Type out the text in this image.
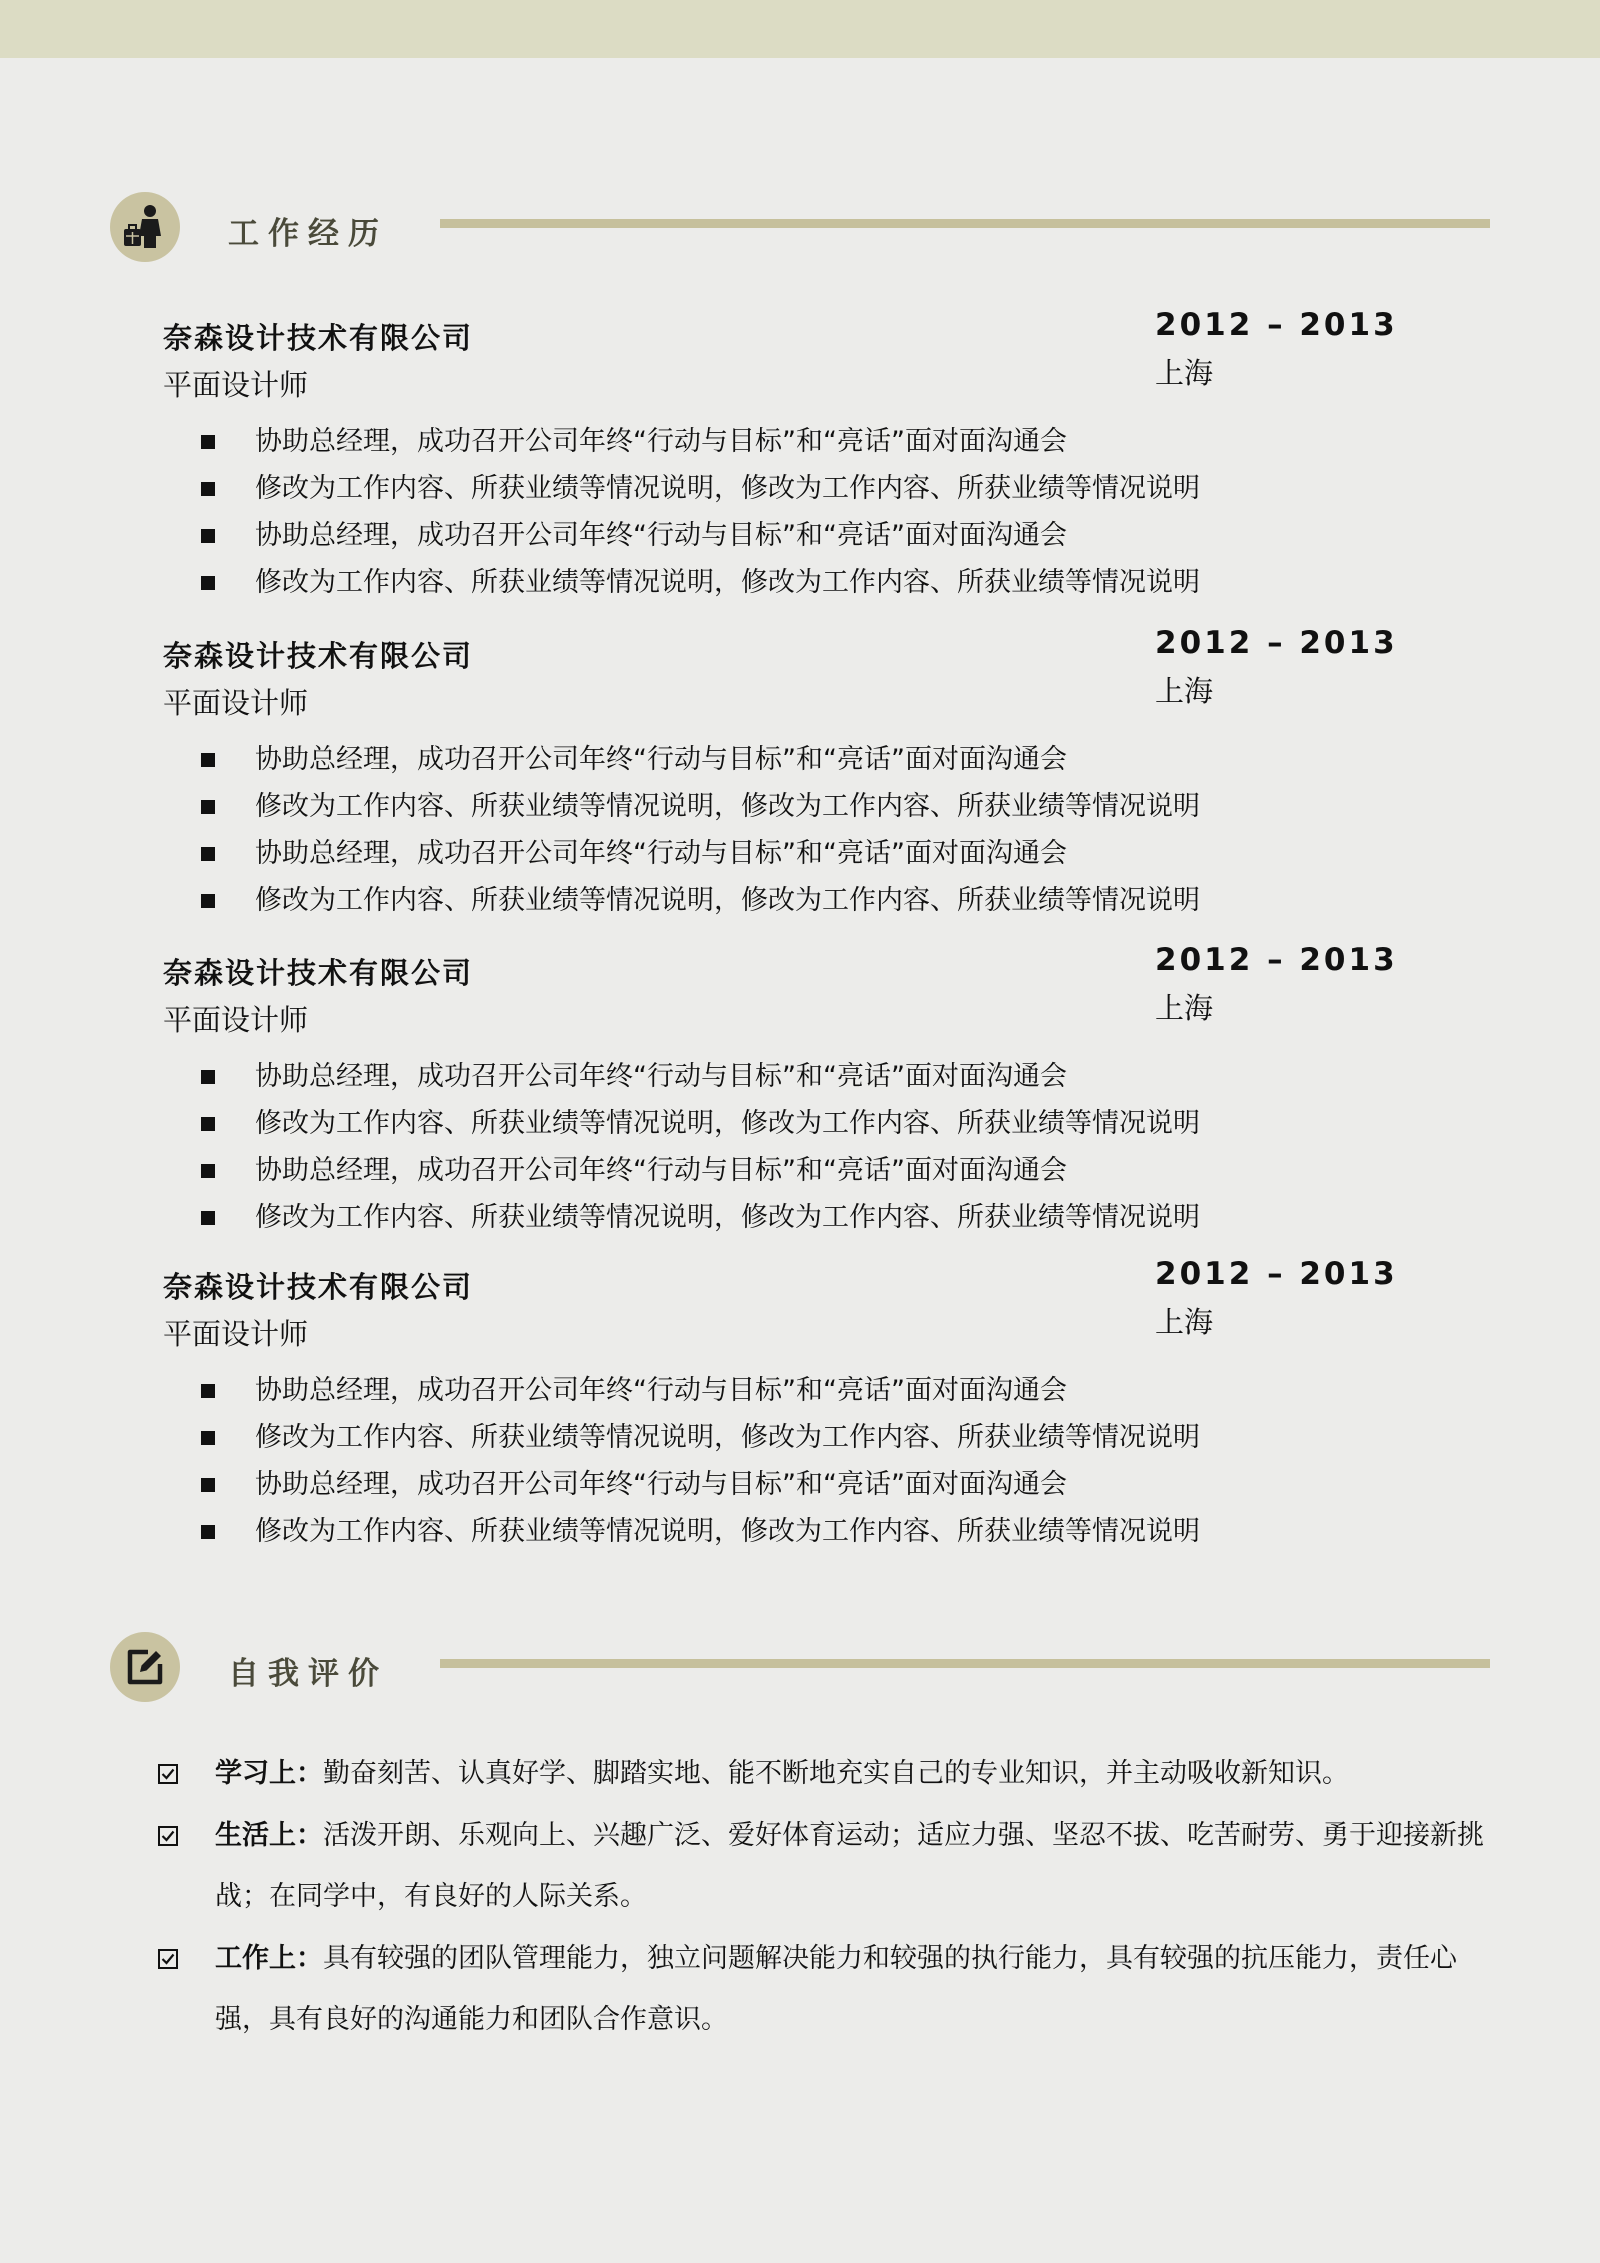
工作经历
奈森设计技术有限公司
平面设计师
2012 – 2013
上海
协助总经理，成功召开公司年终“行动与目标”和“亮话”面对面沟通会
修改为工作内容、所获业绩等情况说明，修改为工作内容、所获业绩等情况说明
协助总经理，成功召开公司年终“行动与目标”和“亮话”面对面沟通会
修改为工作内容、所获业绩等情况说明，修改为工作内容、所获业绩等情况说明
奈森设计技术有限公司
平面设计师
2012 – 2013
上海
协助总经理，成功召开公司年终“行动与目标”和“亮话”面对面沟通会
修改为工作内容、所获业绩等情况说明，修改为工作内容、所获业绩等情况说明
协助总经理，成功召开公司年终“行动与目标”和“亮话”面对面沟通会
修改为工作内容、所获业绩等情况说明，修改为工作内容、所获业绩等情况说明
奈森设计技术有限公司
平面设计师
2012 – 2013
上海
协助总经理，成功召开公司年终“行动与目标”和“亮话”面对面沟通会
修改为工作内容、所获业绩等情况说明，修改为工作内容、所获业绩等情况说明
协助总经理，成功召开公司年终“行动与目标”和“亮话”面对面沟通会
修改为工作内容、所获业绩等情况说明，修改为工作内容、所获业绩等情况说明
奈森设计技术有限公司
平面设计师
2012 – 2013
上海
协助总经理，成功召开公司年终“行动与目标”和“亮话”面对面沟通会
修改为工作内容、所获业绩等情况说明，修改为工作内容、所获业绩等情况说明
协助总经理，成功召开公司年终“行动与目标”和“亮话”面对面沟通会
修改为工作内容、所获业绩等情况说明，修改为工作内容、所获业绩等情况说明
自我评价
学习上：勤奋刻苦、认真好学、脚踏实地、能不断地充实自己的专业知识，并主动吸收新知识。
生活上：活泼开朗、乐观向上、兴趣广泛、爱好体育运动；适应力强、坚忍不拔、吃苦耐劳、勇于迎接新挑战；在同学中，有良好的人际关系。
工作上：具有较强的团队管理能力，独立问题解决能力和较强的执行能力，具有较强的抗压能力，责任心强，具有良好的沟通能力和团队合作意识。
